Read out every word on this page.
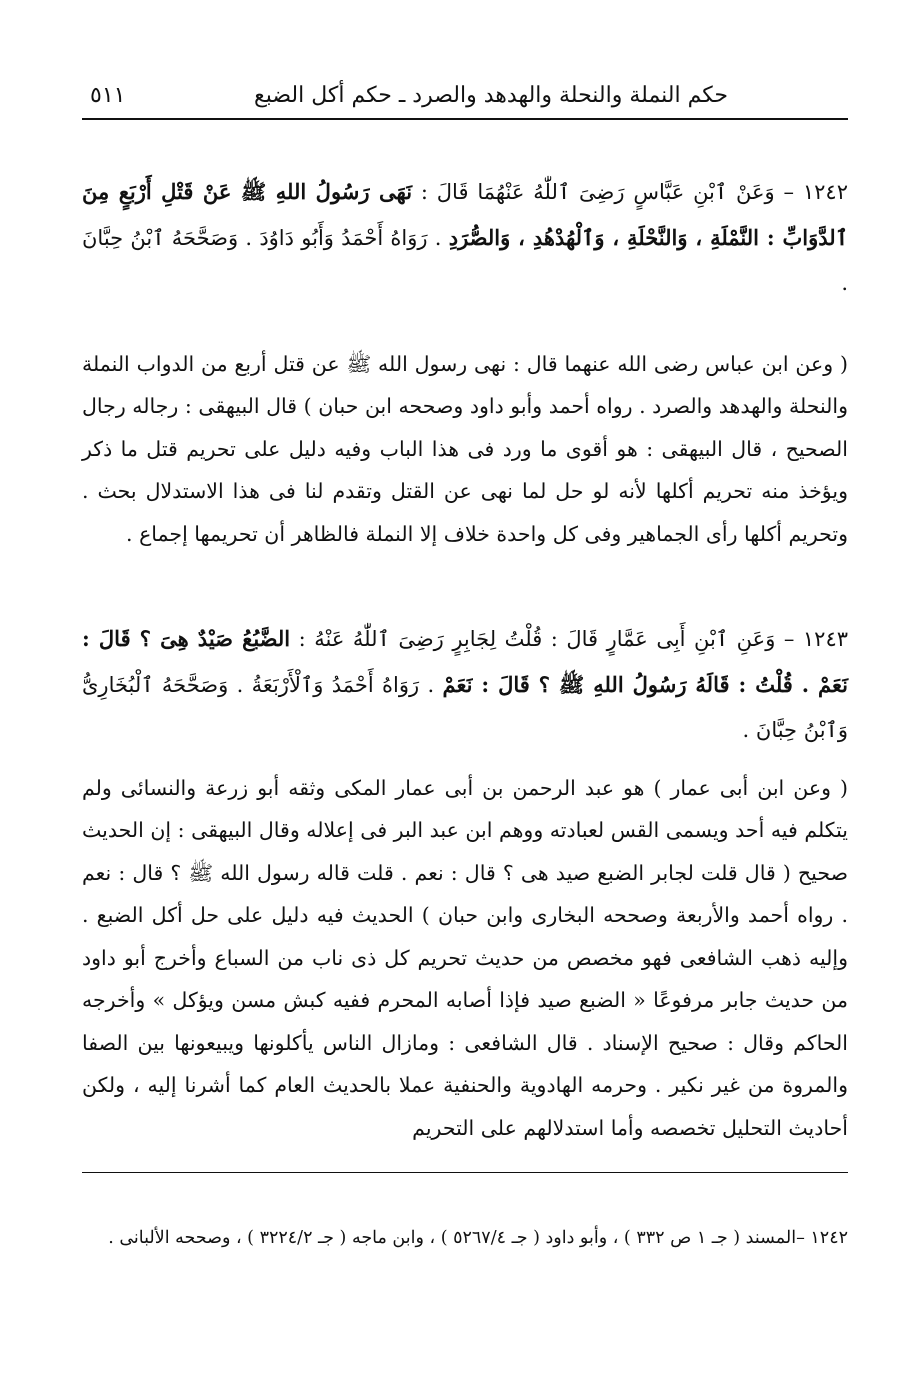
حكم النملة والنحلة والهدهد والصرد ـ حكم أكل الضبع
٥١١

١٢٤٢ – وَعَنْ ٱبْنِ عَبَّاسٍ رَضِىَ ٱللّٰهُ عَنْهُمَا قَالَ : نَهَى رَسُولُ اللهِ ﷺ عَنْ قَتْلِ أَرْبَعٍ مِنَ ٱلدَّوَابِّ : النَّمْلَةِ ، وَالنَّحْلَةِ ، وَٱلْهُدْهُدِ ، وَالصُّرَدِ . رَوَاهُ أَحْمَدُ وَأَبُو دَاوُدَ . وَصَحَّحَهُ ٱبْنُ حِبَّانَ .

( وعن ابن عباس رضى الله عنهما قال : نهى رسول الله ﷺ عن قتل أربع من الدواب النملة والنحلة والهدهد والصرد . رواه أحمد وأبو داود وصححه ابن حبان ) قال البيهقى : رجاله رجال الصحيح ، قال البيهقى : هو أقوى ما ورد فى هذا الباب وفيه دليل على تحريم قتل ما ذكر ويؤخذ منه تحريم أكلها لأنه لو حل لما نهى عن القتل وتقدم لنا فى هذا الاستدلال بحث . وتحريم أكلها رأى الجماهير وفى كل واحدة خلاف إلا النملة فالظاهر أن تحريمها إجماع .

١٢٤٣ – وَعَنِ ٱبْنِ أَبِى عَمَّارٍ قَالَ : قُلْتُ لِجَابِرٍ رَضِىَ ٱللّٰهُ عَنْهُ : الضَّبُعُ صَيْدٌ هِىَ ؟ قَالَ : نَعَمْ . قُلْتُ : قَالَهُ رَسُولُ اللهِ ﷺ ؟ قَالَ : نَعَمْ . رَوَاهُ أَحْمَدُ وَٱلْأَرْبَعَةُ . وَصَحَّحَهُ ٱلْبُخَارِىُّ وَٱبْنُ حِبَّانَ .

( وعن ابن أبى عمار ) هو عبد الرحمن بن أبى عمار المكى وثقه أبو زرعة والنسائى ولم يتكلم فيه أحد ويسمى القس لعبادته ووهم ابن عبد البر فى إعلاله وقال البيهقى : إن الحديث صحيح ( قال قلت لجابر الضبع صيد هى ؟ قال : نعم . قلت قاله رسول الله ﷺ ؟ قال : نعم . رواه أحمد والأربعة وصححه البخارى وابن حبان ) الحديث فيه دليل على حل أكل الضبع . وإليه ذهب الشافعى فهو مخصص من حديث تحريم كل ذى ناب من السباع وأخرج أبو داود من حديث جابر مرفوعًا « الضبع صيد فإذا أصابه المحرم ففيه كبش مسن ويؤكل » وأخرجه الحاكم وقال : صحيح الإسناد . قال الشافعى : ومازال الناس يأكلونها ويبيعونها بين الصفا والمروة من غير نكير . وحرمه الهادوية والحنفية عملا بالحديث العام كما أشرنا إليه ، ولكن أحاديث التحليل تخصصه وأما استدلالهم على التحريم

١٢٤٢ –المسند ( جـ ١ ص ٣٣٢ ) ، وأبو داود ( جـ ٥٢٦٧/٤ ) ، وابن ماجه ( جـ ٣٢٢٤/٢ ) ، وصححه الألبانى .
